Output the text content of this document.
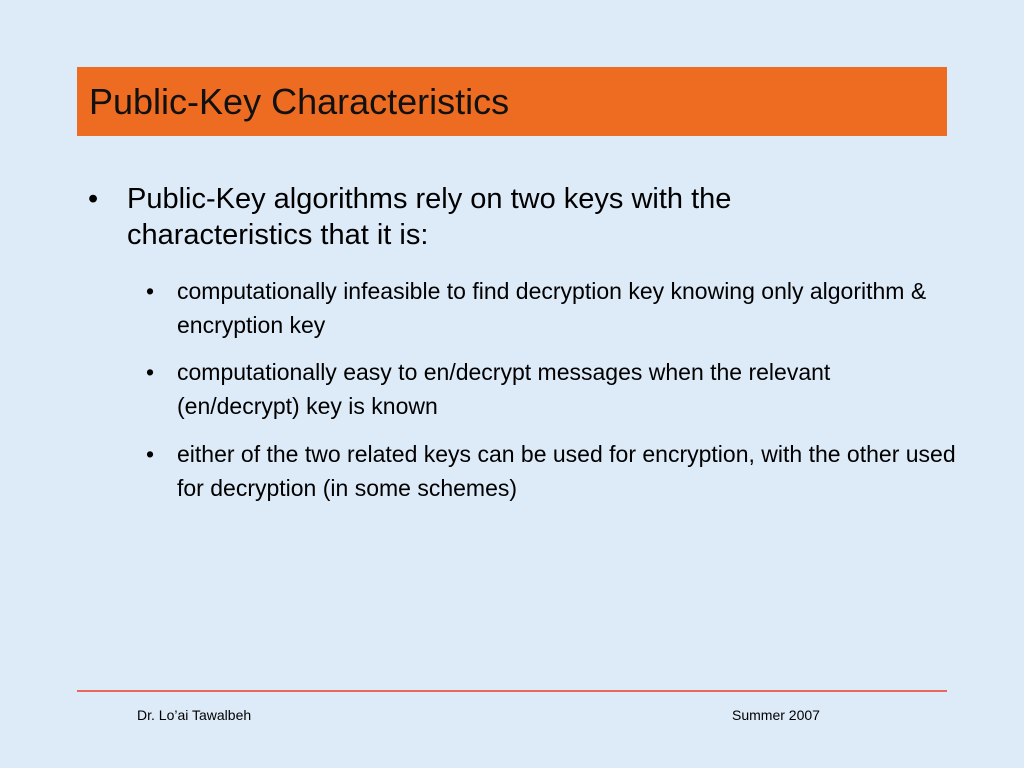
Public-Key Characteristics
• Public-Key algorithms rely on two keys with the characteristics that it is:
• computationally infeasible to find decryption key knowing only algorithm & encryption key
• computationally easy to en/decrypt messages when the relevant (en/decrypt) key is known
• either of the two related keys can be used for encryption, with the other used for decryption (in some schemes)
Dr. Lo’ai Tawalbeh	Summer 2007
